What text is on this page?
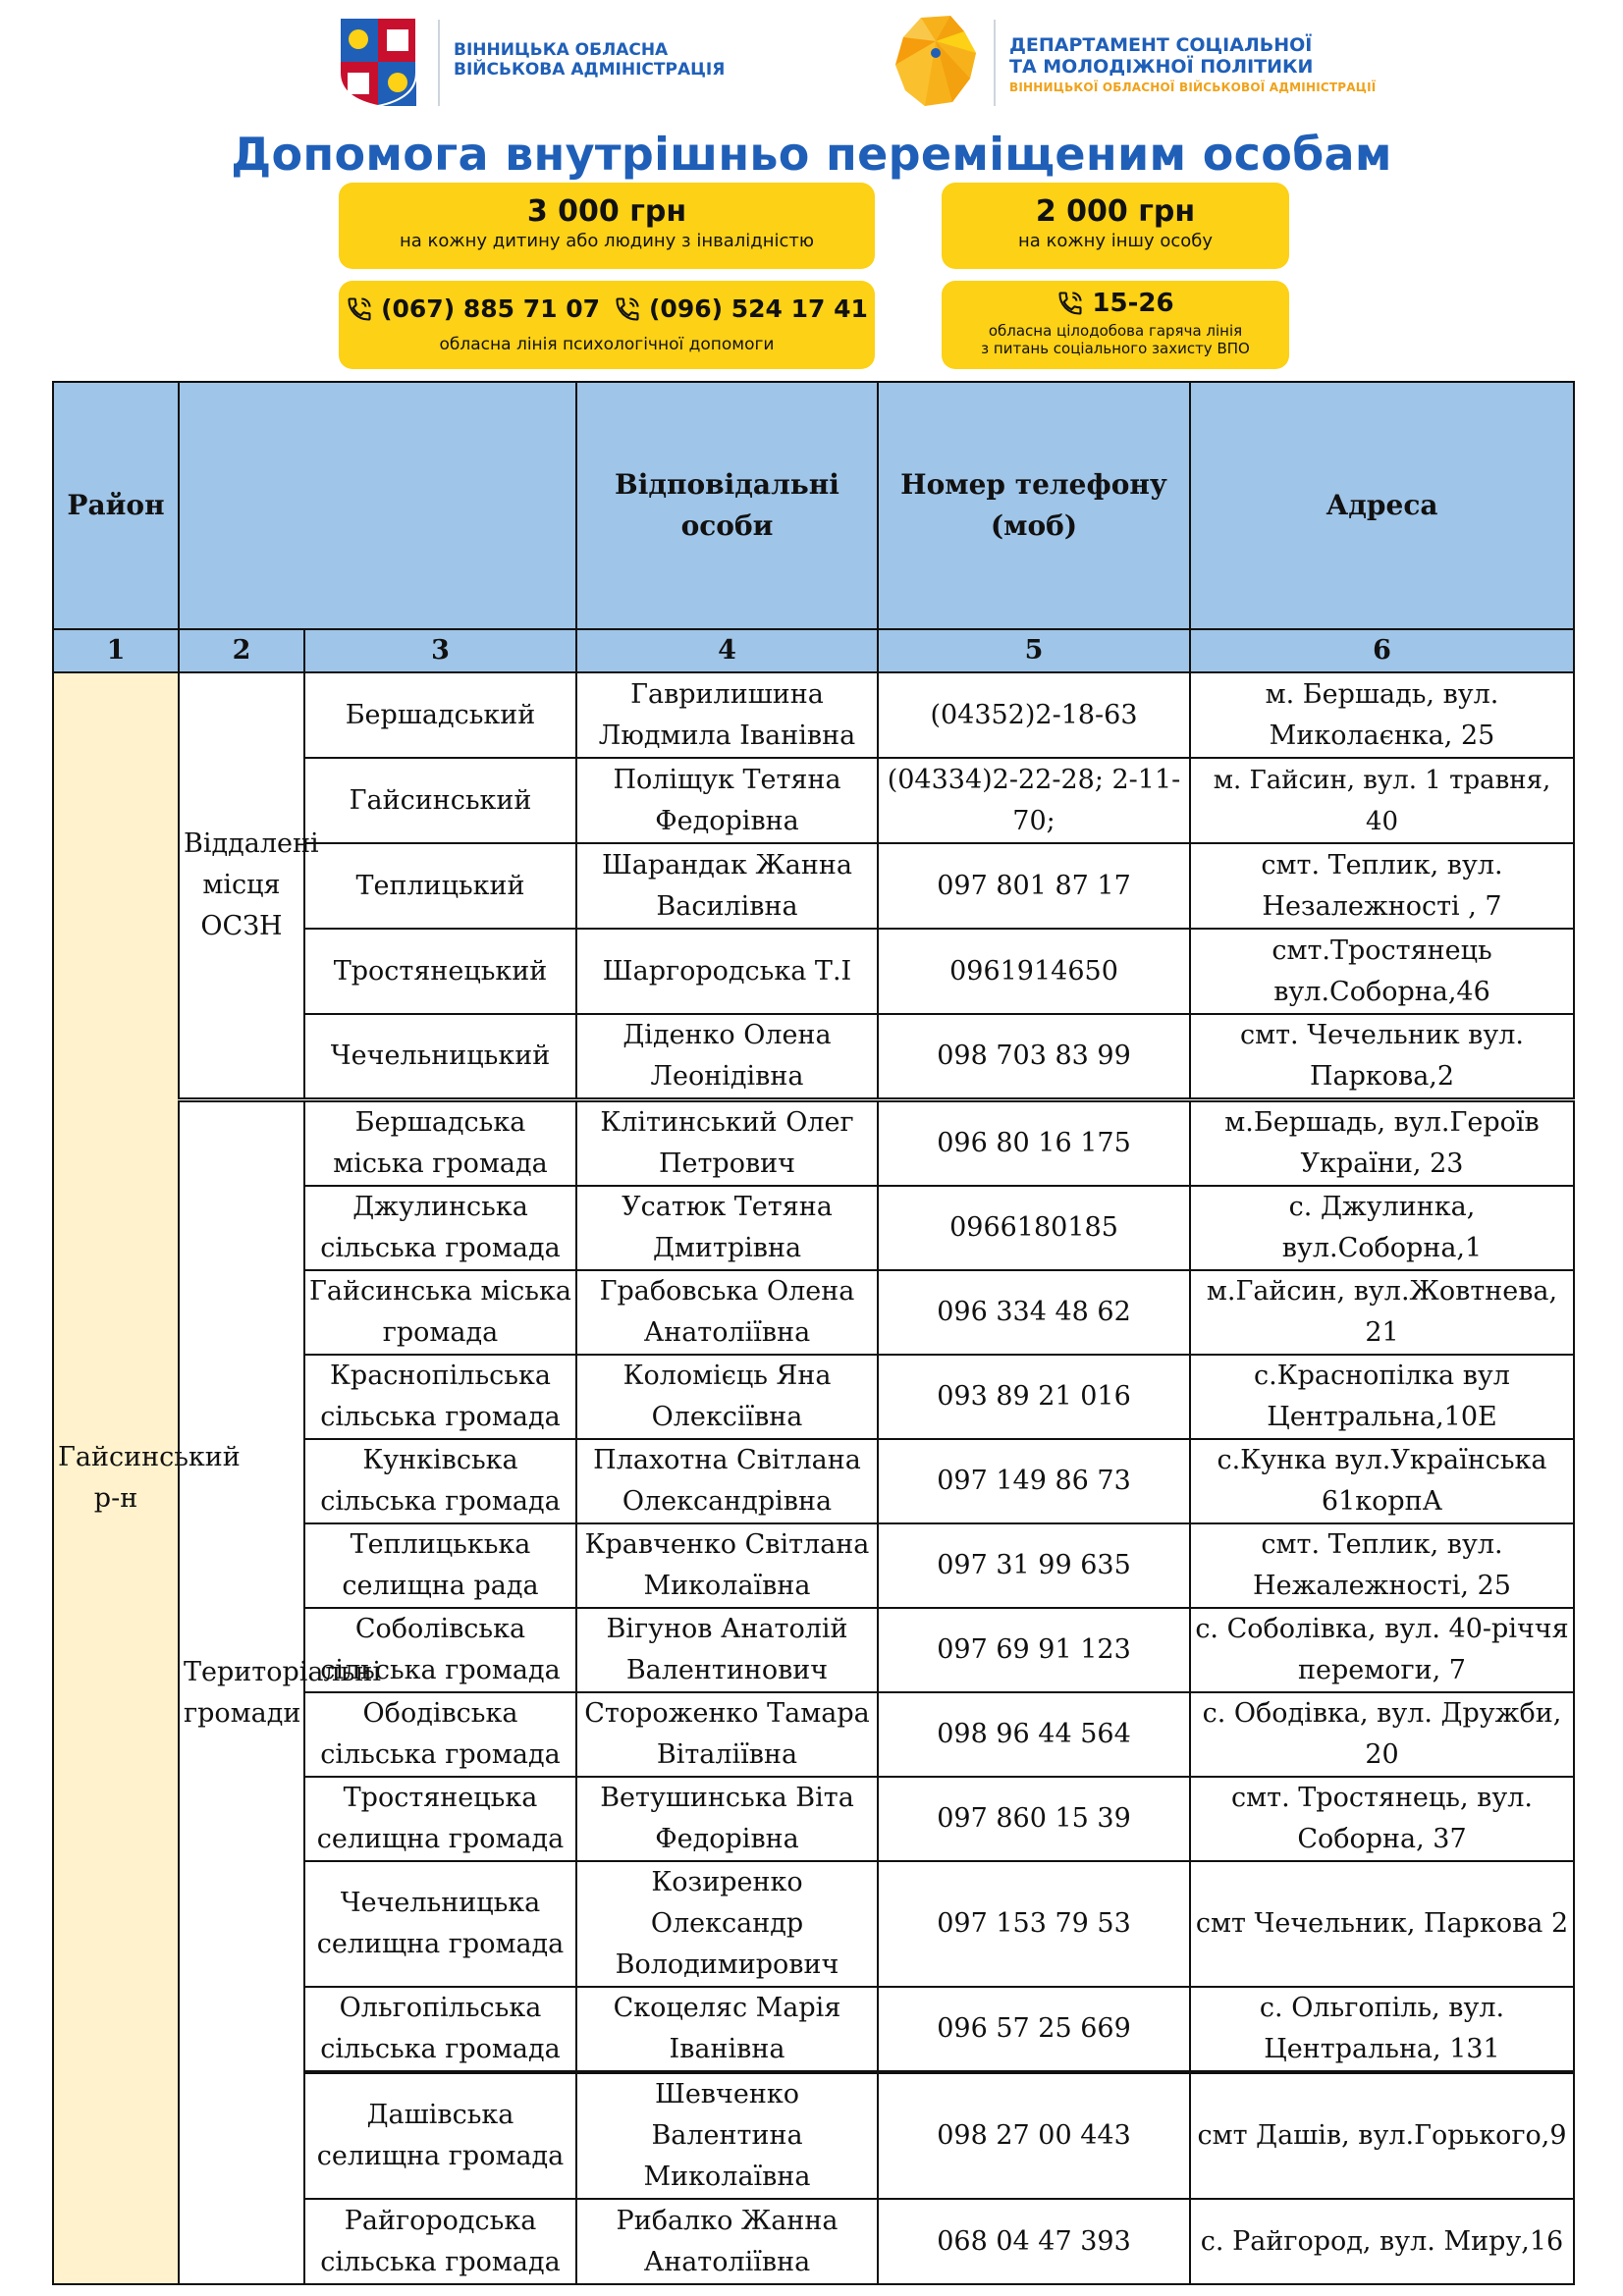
ВІННИЦЬКА ОБЛАСНА
ВІЙСЬКОВА АДМІНІСТРАЦІЯ
ДЕПАРТАМЕНТ СОЦІАЛЬНОЇ
ТА МОЛОДІЖНОЇ ПОЛІТИКИ
ВІННИЦЬКОЇ ОБЛАСНОЇ ВІЙСЬКОВОЇ АДМІНІСТРАЦІЇ
Допомога внутрішньо переміщеним особам
3 000 грн
на кожну дитину або людину з інвалідністю
2 000 грн
на кожну іншу особу
(067) 885 71 07 (096) 524 17 41
обласна лінія психологічної допомоги
15-26
обласна цілодобова гаряча лінія
з питань соціального захисту ВПО
Район			Відповідальні особи	Номер телефону (моб)	Адреса
1	2	3	4	5	6
Гайсинський р-н	Віддалені місця ОСЗН	Бершадський	Гаврилишина Людмила Іванівна	(04352)2-18-63	м. Бершадь, вул. Миколаєнка, 25
		Гайсинський	Поліщук Тетяна Федорівна	(04334)2-22-28; 2-11-70;	м. Гайсин, вул. 1 травня, 40
		Теплицький	Шарандак Жанна Василівна	097 801 87 17	смт. Теплик, вул. Незалежності , 7
		Тростянецький	Шаргородська Т.І	0961914650	смт.Тростянець вул.Соборна,46
		Чечельницький	Діденко Олена Леонідівна	098 703 83 99	смт. Чечельник вул. Паркова,2
	Територіальні громади	Бершадська міська громада	Клітинський Олег Петрович	096 80 16 175	м.Бершадь, вул.Героїв України, 23
		Джулинська сільська громада	Усатюк Тетяна Дмитрівна	0966180185	с. Джулинка, вул.Соборна,1
		Гайсинська міська громада	Грабовська Олена Анатоліївна	096 334 48 62	м.Гайсин, вул.Жовтнева, 21
		Краснопільська сільська громада	Коломієць Яна Олексіївна	093 89 21 016	с.Краснопілка вул Центральна,10Е
		Кунківська сільська громада	Плахотна Світлана Олександрівна	097 149 86 73	с.Кунка вул.Українська 61корпА
		Теплицькька селищна рада	Кравченко Світлана Миколаївна	097 31 99 635	смт. Теплик, вул. Нежалежності, 25
		Соболівська сільська громада	Вігунов Анатолій Валентинович	097 69 91 123	с. Соболівка, вул. 40-річчя перемоги, 7
		Ободівська сільська громада	Стороженко Тамара Віталіївна	098 96 44 564	с. Ободівка, вул. Дружби, 20
		Тростянецька селищна громада	Ветушинська Віта Федорівна	097 860 15 39	смт. Тростянець, вул. Соборна, 37
		Чечельницька селищна громада	Козиренко Олександр Володимирович	097 153 79 53	смт Чечельник, Паркова 2
		Ольгопільська сільська громада	Скоцеляс Марія Іванівна	096 57 25 669	с. Ольгопіль, вул. Центральна, 131
		Дашівська селищна громада	Шевченко Валентина Миколаївна	098 27 00 443	смт Дашів, вул.Горького,9
		Райгородська сільська громада	Рибалко Жанна Анатоліївна	068 04 47 393	с. Райгород, вул. Миру,16
